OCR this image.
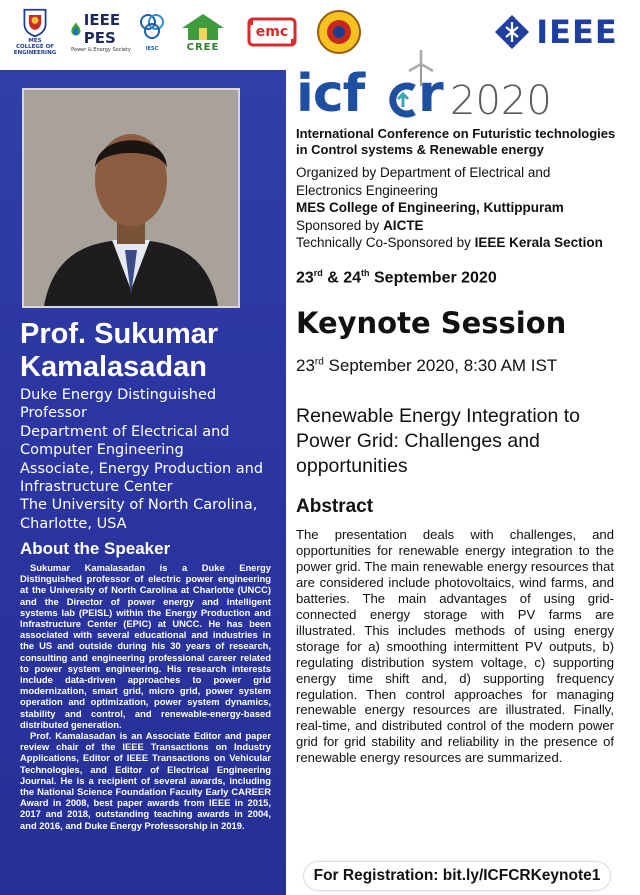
MES
COLLEGE OF ENGINEERING
IEEE PES
Power & Energy Society	IESC	CREE
emc	IEEE
Prof. Sukumar
Kamalasadan
Duke Energy Distinguished
Professor
Department of Electrical and
Computer Engineering
Associate, Energy Production and
Infrastructure Center
The University of North Carolina,
Charlotte, USA
About the Speaker

Sukumar Kamalasadan is a Duke Energy Distinguished professor of electric power engineering at the University of North Carolina at Charlotte (UNCC) and the Director of power energy and intelligent systems lab (PEISL) within the Energy Production and Infrastructure Center (EPIC) at UNCC. He has been associated with several educational and industries in the US and outside during his 30 years of research, consulting and engineering professional career related to power system engineering. His research interests include data-driven approaches to power grid modernization, smart grid, micro grid, power system operation and optimization, power system dynamics, stability and control, and renewable-energy-based distributed generation.

Prof. Kamalasadan is an Associate Editor and paper review chair of the IEEE Transactions on Industry Applications, Editor of IEEE Transactions on Vehicular Technologies, and Editor of Electrical Engineering Journal. He is a recipient of several awards, including the National Science Foundation Faculty Early CAREER Award in 2008, best paper awards from IEEE in 2015, 2017 and 2018, outstanding teaching awards in 2004, and 2016, and Duke Energy Professorship in 2019.

icf r 2020
International Conference on Futuristic technologies
in Control systems & Renewable energy
Organized by Department of Electrical and
Electronics Engineering
MES College of Engineering, Kuttippuram
Sponsored by AICTE
Technically Co-Sponsored by IEEE Kerala Section
23rd & 24th September 2020
Keynote Session
23rd September 2020, 8:30 AM IST
Renewable Energy Integration to Power Grid: Challenges and opportunities
Abstract
The presentation deals with challenges, and opportunities for renewable energy integration to the power grid. The main renewable energy resources that are considered include photovoltaics, wind farms, and batteries. The main advantages of using grid-connected energy storage with PV farms are illustrated. This includes methods of using energy storage for a) smoothing intermittent PV outputs, b) regulating distribution system voltage, c) supporting energy time shift and, d) supporting frequency regulation. Then control approaches for managing renewable energy resources are illustrated. Finally, real-time, and distributed control of the modern power grid for grid stability and reliability in the presence of renewable energy resources are summarized.
For Registration: bit.ly/ICFCRKeynote1
